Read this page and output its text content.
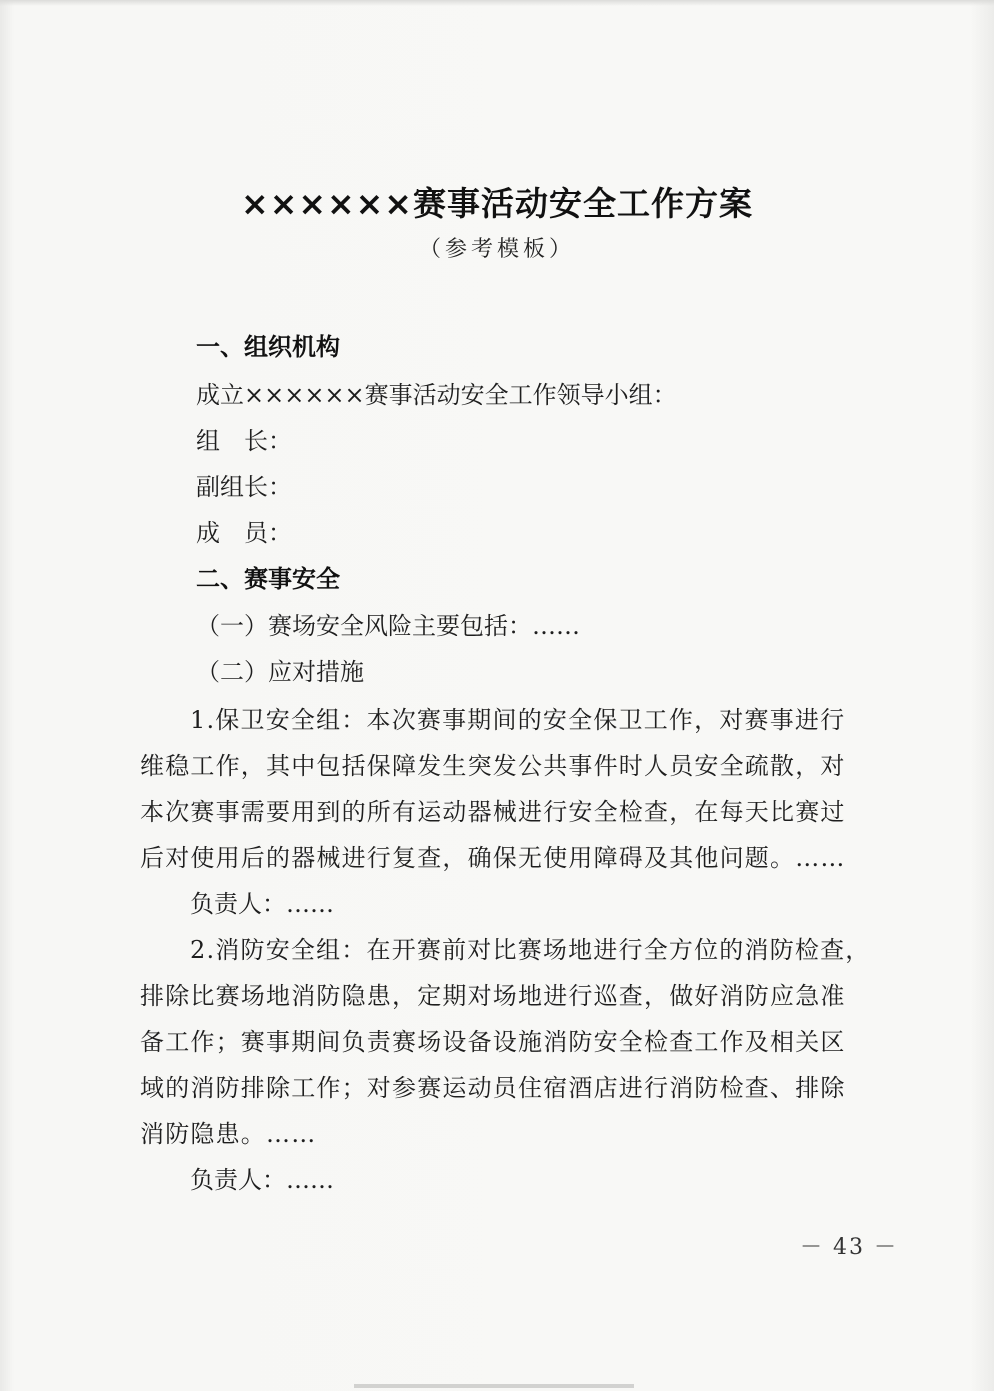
××××××赛事活动安全工作方案
（参考模板）
一、组织机构
成立××××××赛事活动安全工作领导小组：
组　长：
副组长：
成　员：
二、赛事安全
（一）赛场安全风险主要包括：……
（二）应对措施
1.保卫安全组：本次赛事期间的安全保卫工作，对赛事进行
维稳工作，其中包括保障发生突发公共事件时人员安全疏散，对
本次赛事需要用到的所有运动器械进行安全检查，在每天比赛过
后对使用后的器械进行复查，确保无使用障碍及其他问题。……
负责人：……
2.消防安全组：在开赛前对比赛场地进行全方位的消防检查，
排除比赛场地消防隐患，定期对场地进行巡查，做好消防应急准
备工作；赛事期间负责赛场设备设施消防安全检查工作及相关区
域的消防排除工作；对参赛运动员住宿酒店进行消防检查、排除
消防隐患。……
负责人：……
－ 43 －
